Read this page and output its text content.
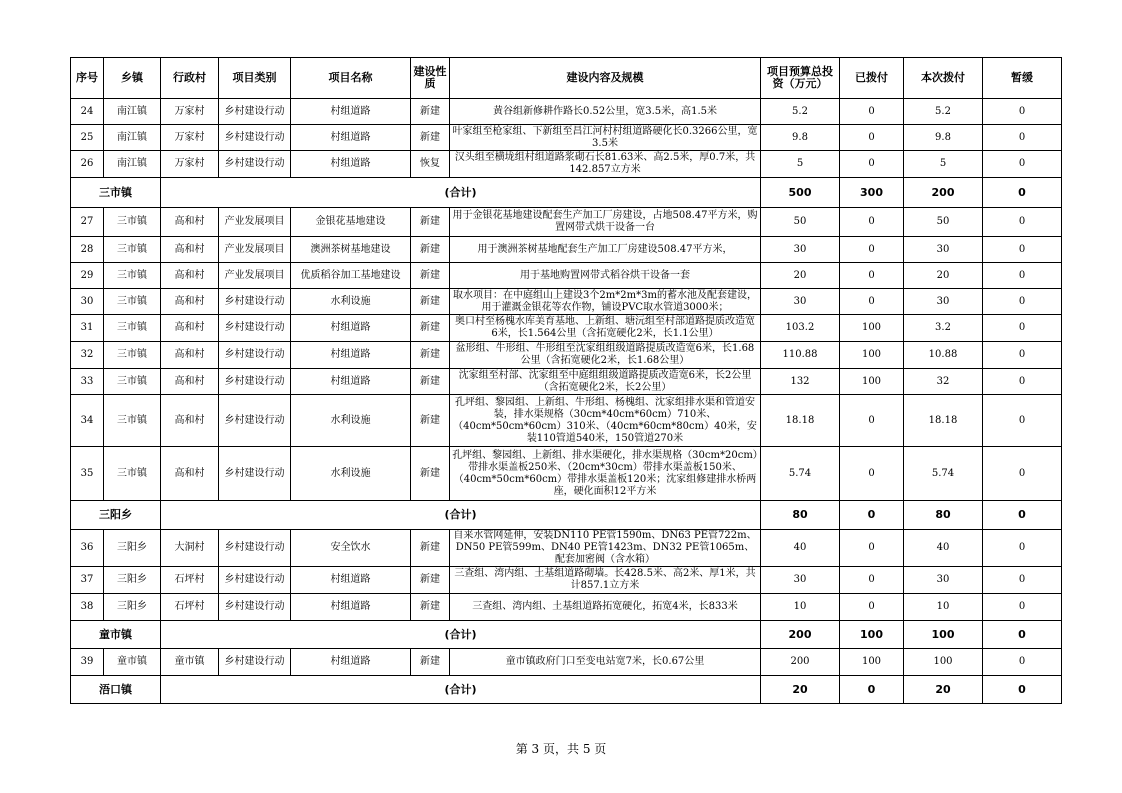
序号	乡镇	行政村	项目类别	项目名称	建设性质	建设内容及规模	项目预算总投资（万元）	已拨付	本次拨付	暂缓
24	南江镇	万家村	乡村建设行动	村组道路	新建	黄谷组新修耕作路长0.52公里，宽3.5米，高1.5米	5.2	0	5.2	0
25	南江镇	万家村	乡村建设行动	村组道路	新建	叶家组至枪家组、下新组至昌江河村村组道路硬化长0.3266公里，宽3.5米	9.8	0	9.8	0
26	南江镇	万家村	乡村建设行动	村组道路	恢复	汉头组至横垅组村组道路浆砌石长81.63米、高2.5米，厚0.7米，共142.857立方米	5	0	5	0
三市镇		(合计)					500	300	200	0
27	三市镇	高和村	产业发展项目	金银花基地建设	新建	用于金银花基地建设配套生产加工厂房建设，占地508.47平方米，购置网带式烘干设备一台	50	0	50	0
28	三市镇	高和村	产业发展项目	澳洲茶树基地建设	新建	用于澳洲茶树基地配套生产加工厂房建设508.47平方米，	30	0	30	0
29	三市镇	高和村	产业发展项目	优质稻谷加工基地建设	新建	用于基地购置网带式稻谷烘干设备一套	20	0	20	0
30	三市镇	高和村	乡村建设行动	水利设施	新建	取水项目：在中庭组山上建设3个2m*2m*3m的蓄水池及配套建设，用于灌溉金银花等农作物，铺设PVC取水管道3000米；	30	0	30	0
31	三市镇	高和村	乡村建设行动	村组道路	新建	奥口村至杨槐水库美育基地、上新组、塘沅组至村部道路提质改造宽6米，长1.564公里（含拓宽硬化2米，长1.1公里）	103.2	100	3.2	0
32	三市镇	高和村	乡村建设行动	村组道路	新建	盆形组、牛形组、牛形组至沈家组组级道路提质改造宽6米，长1.68公里（含拓宽硬化2米，长1.68公里）	110.88	100	10.88	0
33	三市镇	高和村	乡村建设行动	村组道路	新建	沈家组至村部、沈家组至中庭组组级道路提质改造宽6米，长2公里（含拓宽硬化2米，长2公里）	132	100	32	0
34	三市镇	高和村	乡村建设行动	水利设施	新建	孔坪组、黎园组、上新组、牛形组、杨槐组、沈家组排水渠和管道安装，排水渠规格（30cm*40cm*60cm）710米、（40cm*50cm*60cm）310米、（40cm*60cm*80cm）40米，安装110管道540米，150管道270米	18.18	0	18.18	0
35	三市镇	高和村	乡村建设行动	水利设施	新建	孔坪组、黎园组、上新组、排水渠硬化，排水渠规格（30cm*20cm）带排水渠盖板250米、（20cm*30cm）带排水渠盖板150米、（40cm*50cm*60cm）带排水渠盖板120米；沈家组修建排水桥两座，硬化面积12平方米	5.74	0	5.74	0
三阳乡		(合计)					80	0	80	0
36	三阳乡	大洞村	乡村建设行动	安全饮水	新建	自来水管网延伸，安装DN110 PE管1590m、DN63 PE管722m、DN50 PE管599m、DN40 PE管1423m、DN32 PE管1065m、配套加密阀（含水箱）	40	0	40	0
37	三阳乡	石坪村	乡村建设行动	村组道路	新建	三查组、湾内组、土基组道路砌墙。长428.5米、高2米、厚1米，共计857.1立方米	30	0	30	0
38	三阳乡	石坪村	乡村建设行动	村组道路	新建	三查组、湾内组、土基组道路拓宽硬化，拓宽4米，长833米	10	0	10	0
童市镇		(合计)					200	100	100	0
39	童市镇	童市镇	乡村建设行动	村组道路	新建	童市镇政府门口至变电站宽7米，长0.67公里	200	100	100	0
浯口镇		(合计)					20	0	20	0
第 3 页，共 5 页
